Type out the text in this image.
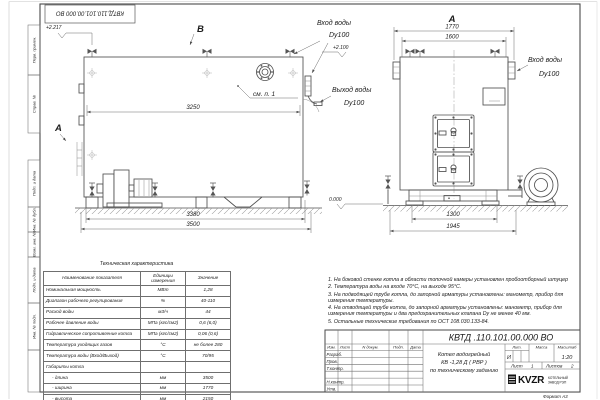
Перв. примен.
Справ. №
Подп. и дата
Инв. № дубл.
Взам. инв. №
Подп. и дата
Инв. № подл.
КВТД.110.101.00.000 ВО
3250
3380
3500
+2.217
+2.100
В
А
см. п. 1
Вход воды
Dy100
Выход воды
Dy100
А
1770
1600
1300
1945
0.000
Вход воды
Dy100
КВТД .110.101.00.000 ВО
Изм. Лист	N докум.	Подп. Дата
Разраб.
Пров.
Т.контр.
Н.контр.
Утв.
Котел водогрейный
КВ -1,28 Д ( РВР )
по техническому заданию
Лит.	Масса	Масштаб
И	1:20
Лист 1	Листов 2
KVZR	КОТЕЛЬНЫЙ
ЗАВОД РЭП
Формат А3
Техническая характеристика
Наименование показателя	Единицы измерения	Значение
Номинальная мощность	МВт	1,28
Диапазон рабочего регулирования	%	40-110
Расход воды	м3/ч	44
Рабочее давление воды	МПа (кгс/см2)	0,6 (6,0)
Гидравлическое сопротивление котла	МПа (кгс/см2)	0,06 (0,6)
Температура уходящих газов	°С	не более 280
Температура воды (Вход/Выход)	°С	70/95
Габариты котла		
- длина	мм	3500
- ширина	мм	1770
- высота	мм	2150
1. На боковой стенке котла в области топочной камеры установлен пробоотборный штуцер
2. Температура воды на входе 70°С, на выходе 95°С.
3. На подводящей трубе котла, до запорной арматуры установлены: манометр, прибор для измерения температуры.
4. На отводящей трубе котла, до запорной арматуры установлены: манометр, прибор для измерения температуры и два предохранительных клапана Dу не менее 40 мм.
5. Остальные технические требования по ОСТ 108.030.133-84.
